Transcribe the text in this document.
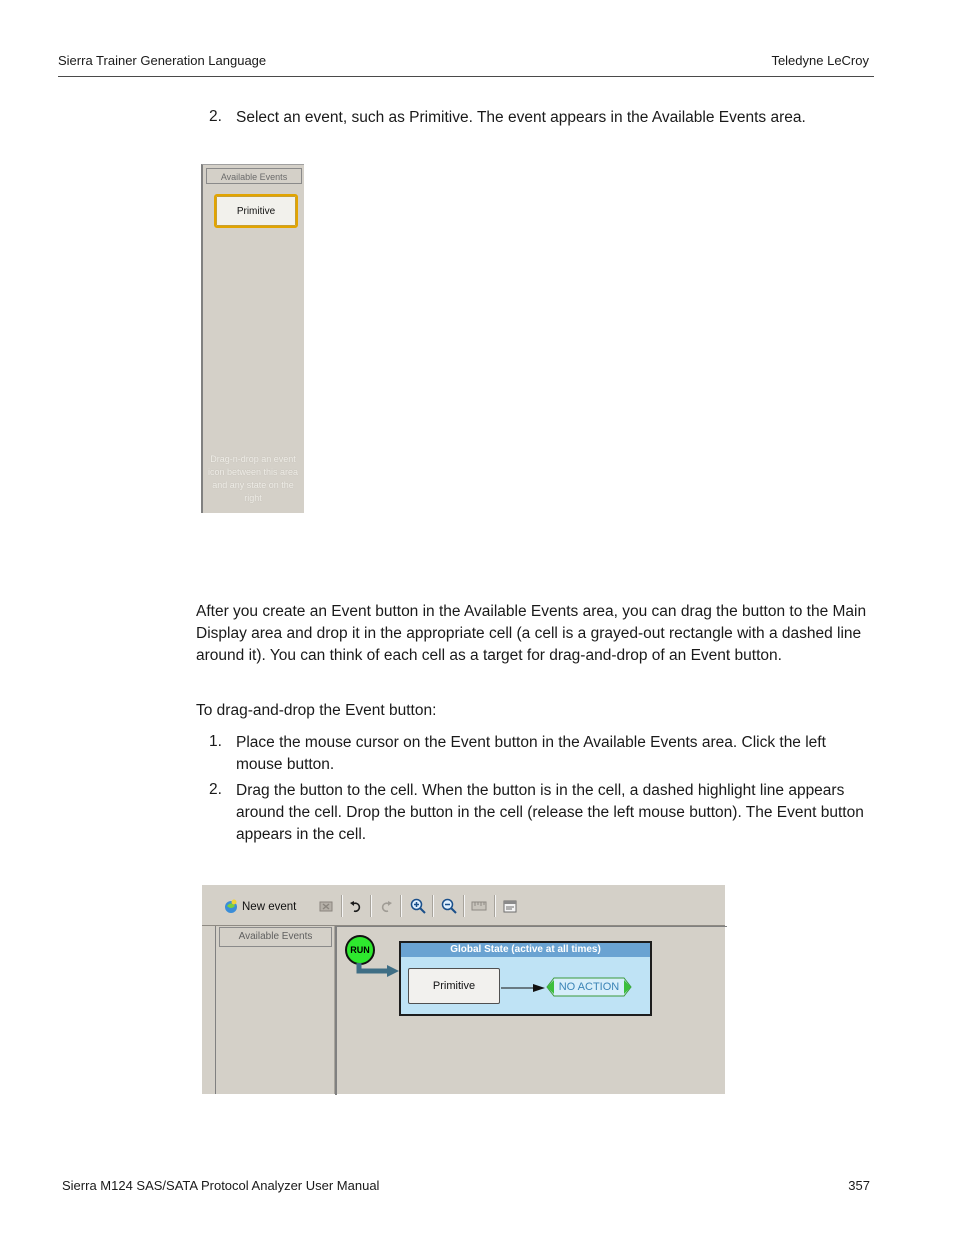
Sierra Trainer Generation Language	Teledyne LeCroy
2. Select an event, such as Primitive. The event appears in the Available Events area.
Available Events
Primitive
Drag-n-drop an event icon between this area and any state on the right
After you create an Event button in the Available Events area, you can drag the button to the Main Display area and drop it in the appropriate cell (a cell is a grayed-out rectangle with a dashed line around it). You can think of each cell as a target for drag-and-drop of an Event button.
To drag-and-drop the Event button:
1. Place the mouse cursor on the Event button in the Available Events area. Click the left mouse button.
2. Drag the button to the cell. When the button is in the cell, a dashed highlight line appears around the cell. Drop the button in the cell (release the left mouse button). The Event button appears in the cell.
New event
Available Events
RUN	Global State (active at all times)
Primitive	NO ACTION
Sierra M124 SAS/SATA Protocol Analyzer User Manual	357
